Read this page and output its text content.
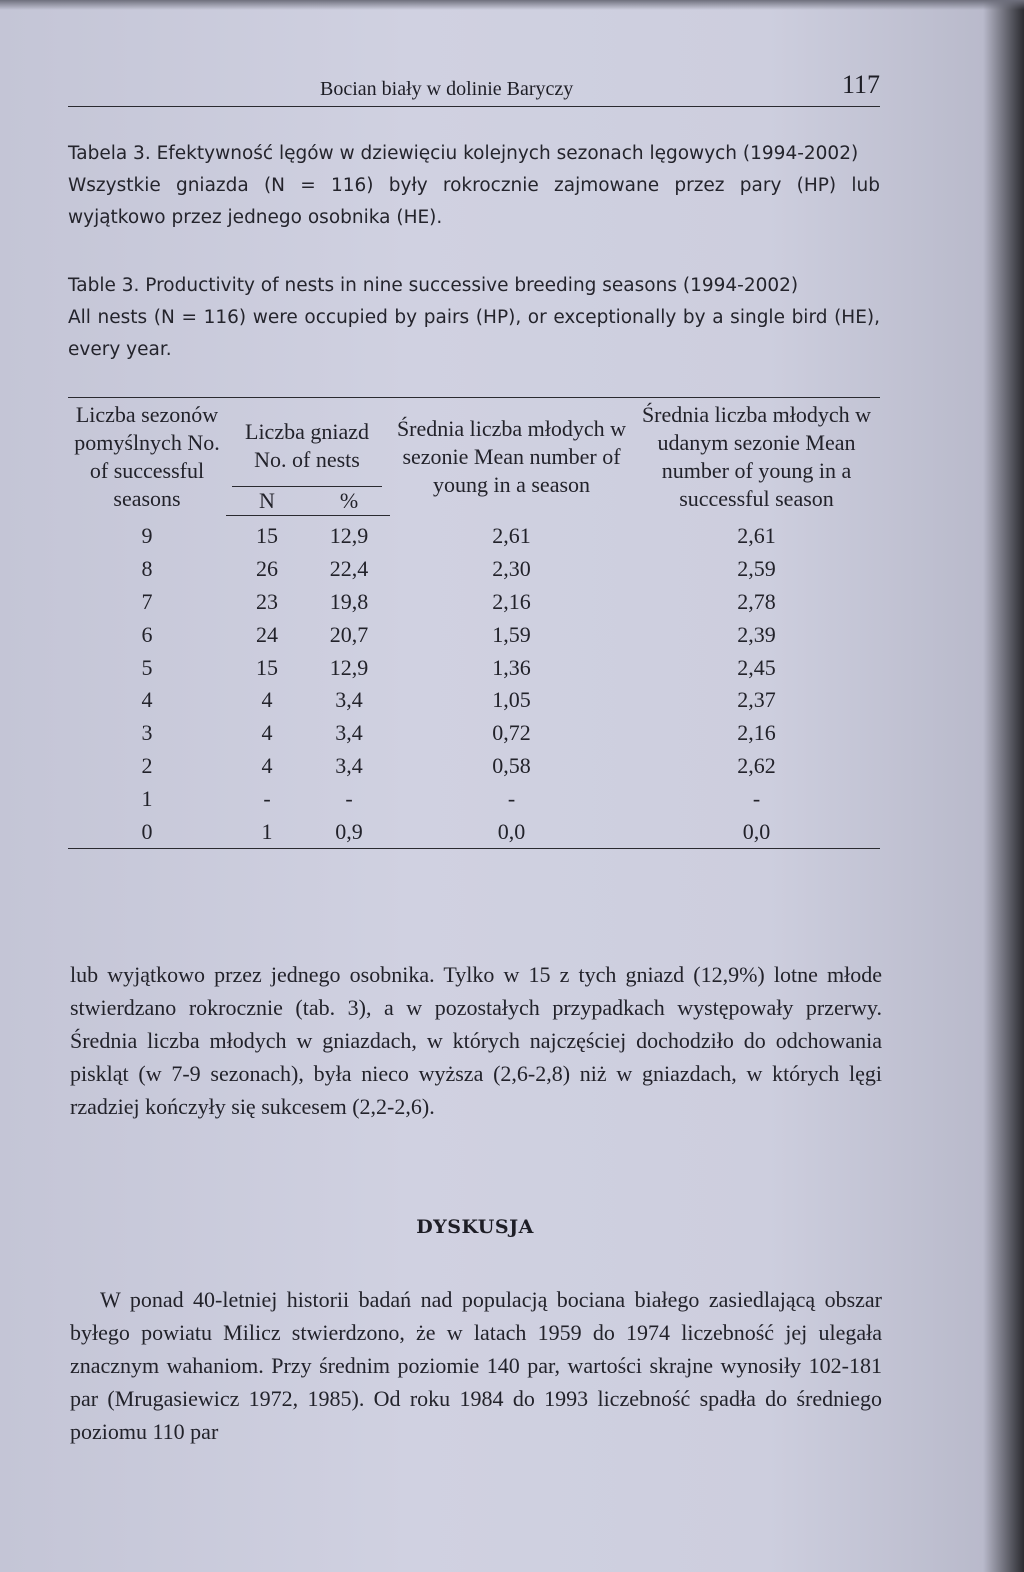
Bocian biały w dolinie Baryczy	117

Tabela 3. Efektywność lęgów w dziewięciu kolejnych sezonach lęgowych (1994-2002)

Wszystkie gniazda (N = 116) były rokrocznie zajmowane przez pary (HP) lub wyjątkowo przez jednego osobnika (HE).

Table 3. Productivity of nests in nine successive breeding seasons (1994-2002)

All nests (N = 116) were occupied by pairs (HP), or exceptionally by a single bird (HE), every year.

Liczba sezonów pomyślnych No. of successful seasons	Liczba gniazd No. of nests		Średnia liczba młodych w sezonie Mean number of young in a season	Średnia liczba młodych w udanym sezonie Mean number of young in a successful season
	N	%		
9	15	12,9	2,61	2,61
8	26	22,4	2,30	2,59
7	23	19,8	2,16	2,78
6	24	20,7	1,59	2,39
5	15	12,9	1,36	2,45
4	4	3,4	1,05	2,37
3	4	3,4	0,72	2,16
2	4	3,4	0,58	2,62
1	-	-	-	-
0	1	0,9	0,0	0,0

lub wyjątkowo przez jednego osobnika. Tylko w 15 z tych gniazd (12,9%) lotne młode stwierdzano rokrocznie (tab. 3), a w pozostałych przypadkach występowały przerwy. Średnia liczba młodych w gniazdach, w których najczęściej dochodziło do odchowania piskląt (w 7-9 sezonach), była nieco wyższa (2,6-2,8) niż w gniazdach, w których lęgi rzadziej kończyły się sukcesem (2,2-2,6).

DYSKUSJA

W ponad 40-letniej historii badań nad populacją bociana białego zasiedlającą obszar byłego powiatu Milicz stwierdzono, że w latach 1959 do 1974 liczebność jej ulegała znacznym wahaniom. Przy średnim poziomie 140 par, wartości skrajne wynosiły 102-181 par (Mrugasiewicz 1972, 1985). Od roku 1984 do 1993 liczebność spadła do średniego poziomu 110 par
